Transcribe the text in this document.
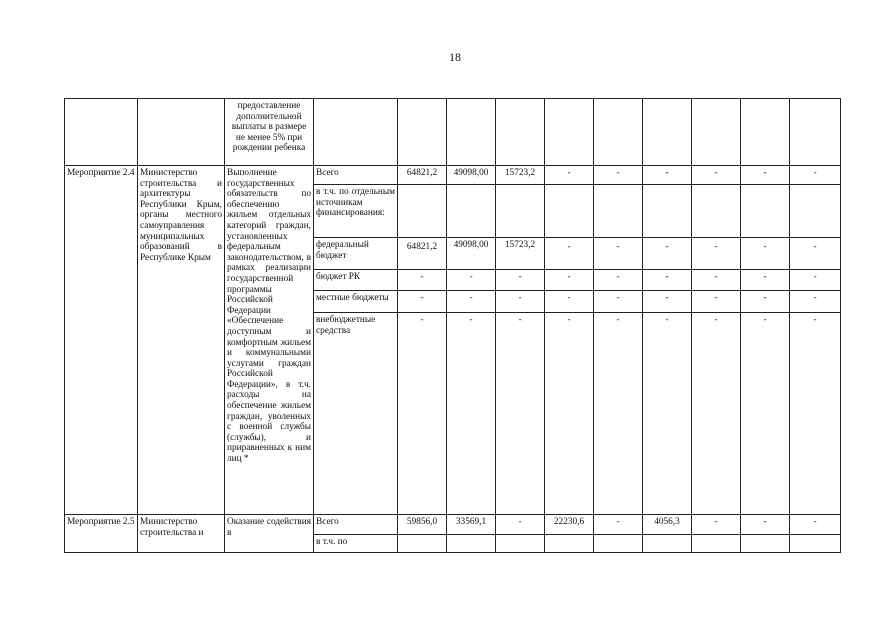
18
		предоставление дополнительной выплаты в размере не менее 5% при рождении ребенка										
Мероприятие 2.4	Министерство строительства и архитектуры Республики Крым, органы местного самоуправления муниципальных образований в Республике Крым	Выполнение государственных обязательств по обеспечению жильем отдельных категорий граждан, установленных федеральным законодательством, в рамках реализации государственной программы Российской Федерации «Обеспечение доступным и комфортным жильем и коммунальными услугами граждан Российской Федерации», в т.ч. расходы на обеспечение жильем граждан, уволенных с военной службы (службы), и приравненных к ним лиц *	Всего	64821,2	49098,00	15723,2	-	-	-	-	-	-
			в т.ч. по отдельным источникам финансирования:									
			федеральный бюджет	64821,2	49098,00	15723,2	-	-	-	-	-	-
			бюджет РК	-	-	-	-	-	-	-	-	-
			местные бюджеты	-	-	-	-	-	-	-	-	-
			внебюджетные средства	-	-	-	-	-	-	-	-	-
Мероприятие 2.5	Министерство строительства и	Оказание содействия в	Всего	59856,0	33569,1	-	22230,6	-	4056,3	-	-	-
			в т.ч. по									
